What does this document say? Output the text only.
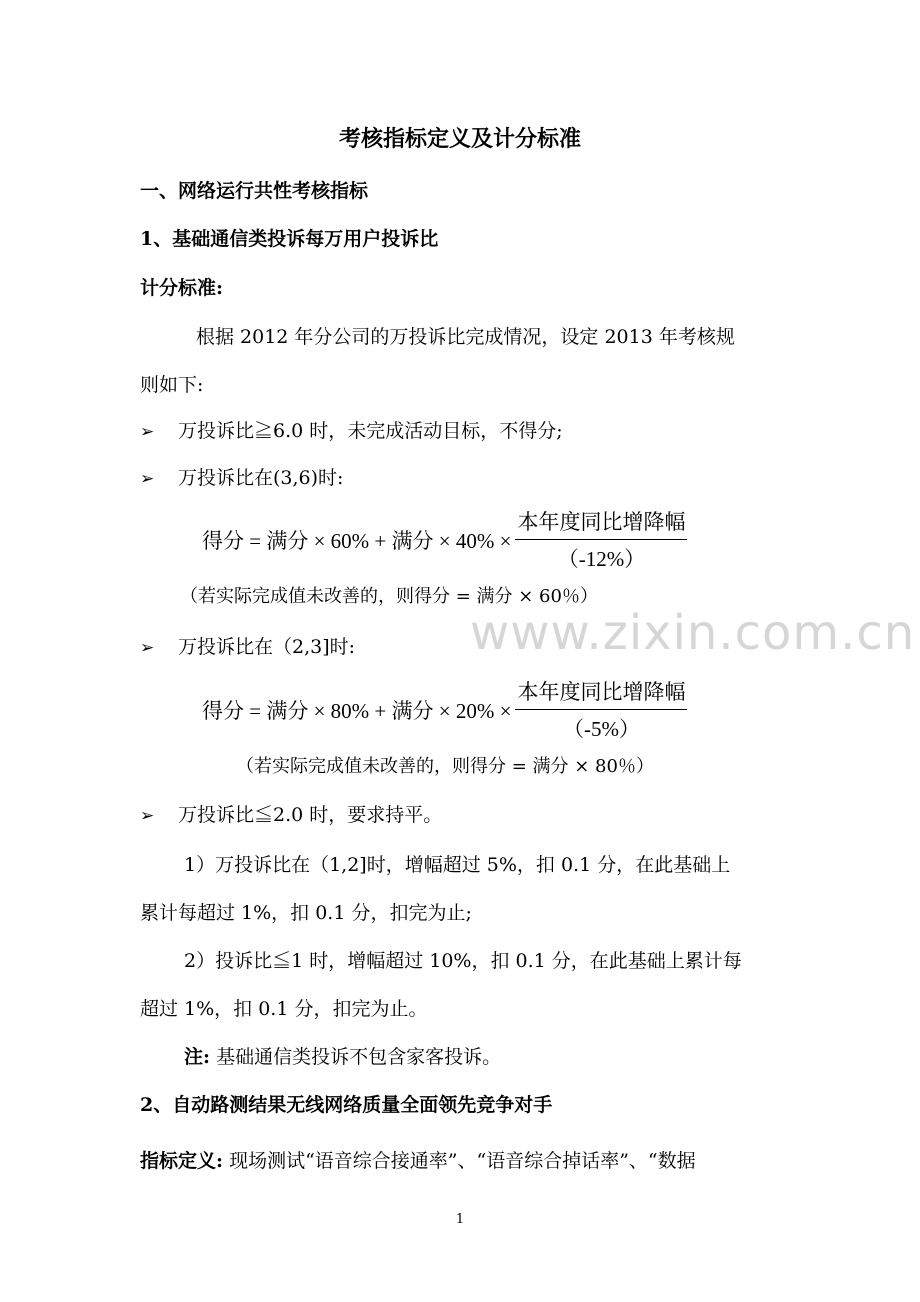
考核指标定义及计分标准
一、网络运行共性考核指标
1、基础通信类投诉每万用户投诉比
计分标准:
根据 2012 年分公司的万投诉比完成情况，设定 2013 年考核规
则如下:
➢ 万投诉比≧6.0 时，未完成活动目标，不得分;
➢ 万投诉比在(3,6)时:
得分 = 满分 × 60% + 满分 × $40\% \times \frac{\text{本年度同比增降幅}}{(-12\%)}$
（若实际完成值未改善的，则得分 = 满分 × 60％）
➢ 万投诉比在（2,3]时:
得分 = 满分 × 80% + 满分 × $20\% \times \frac{\text{本年度同比增降幅}}{(-5\%)}$
（若实际完成值未改善的，则得分 = 满分 × 80％）
➢ 万投诉比≦2.0 时，要求持平。
1）万投诉比在（1,2]时，增幅超过 5%，扣 0.1 分，在此基础上
累计每超过 1%，扣 0.1 分，扣完为止;
2）投诉比≦1 时，增幅超过 10%，扣 0.1 分，在此基础上累计每
超过 1%，扣 0.1 分，扣完为止。
注: 基础通信类投诉不包含家客投诉。
2、自动路测结果无线网络质量全面领先竞争对手
指标定义: 现场测试“语音综合接通率”、“语音综合掉话率”、“数据
www.zixin.com.cn
1
